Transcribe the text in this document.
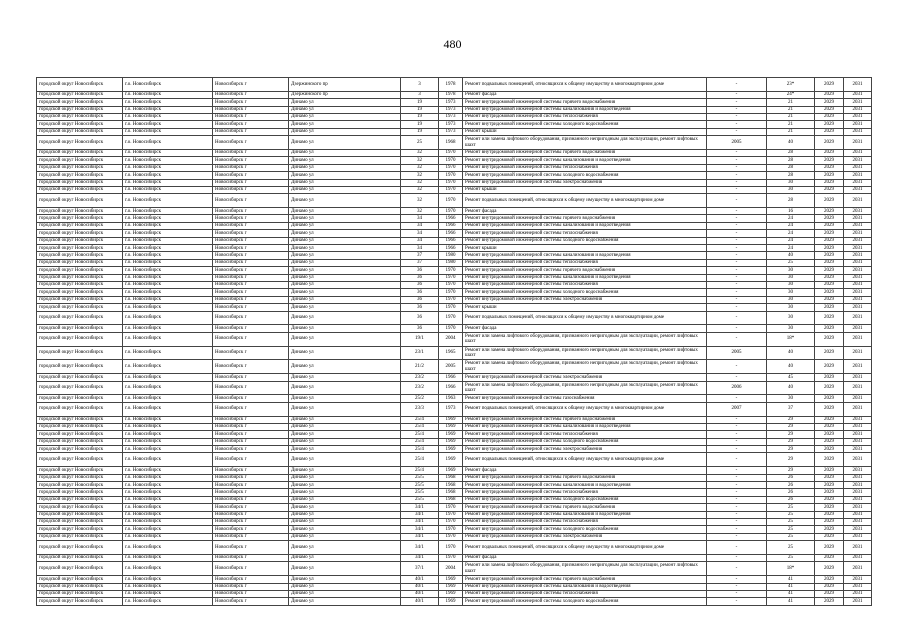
480
городской округ Новосибирск	г.о. Новосибирск	Новосибирск г	Дзержинского пр	3	1978	Ремонт подвальных помещений, относящихся к общему имуществу в многоквартирном доме	-	23*	2029	2031
городской округ Новосибирск	г.о. Новосибирск	Новосибирск г	Дзержинского пр	3	1978	Ремонт фасада	-	24*	2029	2031
городской округ Новосибирск	г.о. Новосибирск	Новосибирск г	Динамо ул	19	1973	Ремонт внутридомовой инженерной системы горячего водоснабжения	-	21	2029	2031
городской округ Новосибирск	г.о. Новосибирск	Новосибирск г	Динамо ул	19	1973	Ремонт внутридомовой инженерной системы канализования и водоотведения	-	21	2029	2031
городской округ Новосибирск	г.о. Новосибирск	Новосибирск г	Динамо ул	19	1973	Ремонт внутридомовой инженерной системы теплоснабжения	-	21	2029	2031
городской округ Новосибирск	г.о. Новосибирск	Новосибирск г	Динамо ул	19	1973	Ремонт внутридомовой инженерной системы холодного водоснабжения	-	21	2029	2031
городской округ Новосибирск	г.о. Новосибирск	Новосибирск г	Динамо ул	19	1973	Ремонт крыши	-	21	2029	2031
городской округ Новосибирск	г.о. Новосибирск	Новосибирск г	Динамо ул	25	1968	Ремонт или замена лифтового оборудования, признанного непригодным для эксплуатации, ремонт лифтовых шахт	2005	40	2029	2031
городской округ Новосибирск	г.о. Новосибирск	Новосибирск г	Динамо ул	32	1970	Ремонт внутридомовой инженерной системы горячего водоснабжения	-	28	2029	2031
городской округ Новосибирск	г.о. Новосибирск	Новосибирск г	Динамо ул	32	1970	Ремонт внутридомовой инженерной системы канализования и водоотведения	-	28	2029	2031
городской округ Новосибирск	г.о. Новосибирск	Новосибирск г	Динамо ул	32	1970	Ремонт внутридомовой инженерной системы теплоснабжения	-	28	2029	2031
городской округ Новосибирск	г.о. Новосибирск	Новосибирск г	Динамо ул	32	1970	Ремонт внутридомовой инженерной системы холодного водоснабжения	-	28	2029	2031
городской округ Новосибирск	г.о. Новосибирск	Новосибирск г	Динамо ул	32	1970	Ремонт внутридомовой инженерной системы электроснабжения	-	30	2029	2031
городской округ Новосибирск	г.о. Новосибирск	Новосибирск г	Динамо ул	32	1970	Ремонт крыши	-	30	2029	2031
городской округ Новосибирск	г.о. Новосибирск	Новосибирск г	Динамо ул	32	1970	Ремонт подвальных помещений, относящихся к общему имуществу в многоквартирном доме	-	28	2029	2031
городской округ Новосибирск	г.о. Новосибирск	Новосибирск г	Динамо ул	32	1970	Ремонт фасада	-	16	2029	2031
городской округ Новосибирск	г.о. Новосибирск	Новосибирск г	Динамо ул	34	1966	Ремонт внутридомовой инженерной системы горячего водоснабжения	-	24	2029	2031
городской округ Новосибирск	г.о. Новосибирск	Новосибирск г	Динамо ул	34	1966	Ремонт внутридомовой инженерной системы канализования и водоотведения	-	24	2029	2031
городской округ Новосибирск	г.о. Новосибирск	Новосибирск г	Динамо ул	34	1966	Ремонт внутридомовой инженерной системы теплоснабжения	-	24	2029	2031
городской округ Новосибирск	г.о. Новосибирск	Новосибирск г	Динамо ул	34	1966	Ремонт внутридомовой инженерной системы холодного водоснабжения	-	24	2029	2031
городской округ Новосибирск	г.о. Новосибирск	Новосибирск г	Динамо ул	34	1966	Ремонт крыши	-	24	2029	2031
городской округ Новосибирск	г.о. Новосибирск	Новосибирск г	Динамо ул	37	1980	Ремонт внутридомовой инженерной системы канализования и водоотведения	-	40	2029	2031
городской округ Новосибирск	г.о. Новосибирск	Новосибирск г	Динамо ул	37	1980	Ремонт внутридомовой инженерной системы теплоснабжения	-	25	2029	2031
городской округ Новосибирск	г.о. Новосибирск	Новосибирск г	Динамо ул	36	1970	Ремонт внутридомовой инженерной системы горячего водоснабжения	-	30	2029	2031
городской округ Новосибирск	г.о. Новосибирск	Новосибирск г	Динамо ул	36	1970	Ремонт внутридомовой инженерной системы канализования и водоотведения	-	30	2029	2031
городской округ Новосибирск	г.о. Новосибирск	Новосибирск г	Динамо ул	36	1970	Ремонт внутридомовой инженерной системы теплоснабжения	-	30	2029	2031
городской округ Новосибирск	г.о. Новосибирск	Новосибирск г	Динамо ул	36	1970	Ремонт внутридомовой инженерной системы холодного водоснабжения	-	30	2029	2031
городской округ Новосибирск	г.о. Новосибирск	Новосибирск г	Динамо ул	36	1970	Ремонт внутридомовой инженерной системы электроснабжения	-	30	2029	2031
городской округ Новосибирск	г.о. Новосибирск	Новосибирск г	Динамо ул	36	1970	Ремонт крыши	-	30	2029	2031
городской округ Новосибирск	г.о. Новосибирск	Новосибирск г	Динамо ул	36	1970	Ремонт подвальных помещений, относящихся к общему имуществу в многоквартирном доме	-	30	2029	2031
городской округ Новосибирск	г.о. Новосибирск	Новосибирск г	Динамо ул	36	1970	Ремонт фасада	-	30	2029	2031
городской округ Новосибирск	г.о. Новосибирск	Новосибирск г	Динамо ул	19/1	2004	Ремонт или замена лифтового оборудования, признанного непригодным для эксплуатации, ремонт лифтовых шахт	-	18*	2029	2031
городской округ Новосибирск	г.о. Новосибирск	Новосибирск г	Динамо ул	23/1	1965	Ремонт или замена лифтового оборудования, признанного непригодным для эксплуатации, ремонт лифтовых шахт	2005	40	2029	2031
городской округ Новосибирск	г.о. Новосибирск	Новосибирск г	Динамо ул	21/2	2005	Ремонт или замена лифтового оборудования, признанного непригодным для эксплуатации, ремонт лифтовых шахт	-	40	2029	2031
городской округ Новосибирск	г.о. Новосибирск	Новосибирск г	Динамо ул	23/2	1966	Ремонт внутридомовой инженерной системы электроснабжения	-	45	2029	2031
городской округ Новосибирск	г.о. Новосибирск	Новосибирск г	Динамо ул	23/2	1966	Ремонт или замена лифтового оборудования, признанного непригодным для эксплуатации, ремонт лифтовых шахт	2006	40	2029	2031
городской округ Новосибирск	г.о. Новосибирск	Новосибирск г	Динамо ул	25/2	1963	Ремонт внутридомовой инженерной системы газоснабжения	-	30	2029	2031
городской округ Новосибирск	г.о. Новосибирск	Новосибирск г	Динамо ул	23/3	1973	Ремонт подвальных помещений, относящихся к общему имуществу в многоквартирном доме	2007	37	2029	2031
городской округ Новосибирск	г.о. Новосибирск	Новосибирск г	Динамо ул	25/4	1969	Ремонт внутридомовой инженерной системы горячего водоснабжения	-	29	2029	2031
городской округ Новосибирск	г.о. Новосибирск	Новосибирск г	Динамо ул	25/4	1969	Ремонт внутридомовой инженерной системы канализования и водоотведения	-	29	2029	2031
городской округ Новосибирск	г.о. Новосибирск	Новосибирск г	Динамо ул	25/4	1969	Ремонт внутридомовой инженерной системы теплоснабжения	-	29	2029	2031
городской округ Новосибирск	г.о. Новосибирск	Новосибирск г	Динамо ул	25/4	1969	Ремонт внутридомовой инженерной системы холодного водоснабжения	-	29	2029	2031
городской округ Новосибирск	г.о. Новосибирск	Новосибирск г	Динамо ул	25/4	1969	Ремонт внутридомовой инженерной системы электроснабжения	-	29	2029	2031
городской округ Новосибирск	г.о. Новосибирск	Новосибирск г	Динамо ул	25/4	1969	Ремонт подвальных помещений, относящихся к общему имуществу в многоквартирном доме	-	29	2029	2031
городской округ Новосибирск	г.о. Новосибирск	Новосибирск г	Динамо ул	25/4	1969	Ремонт фасада	-	29	2029	2031
городской округ Новосибирск	г.о. Новосибирск	Новосибирск г	Динамо ул	25/5	1968	Ремонт внутридомовой инженерной системы горячего водоснабжения	-	26	2029	2031
городской округ Новосибирск	г.о. Новосибирск	Новосибирск г	Динамо ул	25/5	1968	Ремонт внутридомовой инженерной системы канализования и водоотведения	-	26	2029	2031
городской округ Новосибирск	г.о. Новосибирск	Новосибирск г	Динамо ул	25/5	1968	Ремонт внутридомовой инженерной системы теплоснабжения	-	26	2029	2031
городской округ Новосибирск	г.о. Новосибирск	Новосибирск г	Динамо ул	25/5	1968	Ремонт внутридомовой инженерной системы холодного водоснабжения	-	26	2029	2031
городской округ Новосибирск	г.о. Новосибирск	Новосибирск г	Динамо ул	34/1	1970	Ремонт внутридомовой инженерной системы горячего водоснабжения	-	25	2029	2031
городской округ Новосибирск	г.о. Новосибирск	Новосибирск г	Динамо ул	34/1	1970	Ремонт внутридомовой инженерной системы канализования и водоотведения	-	25	2029	2031
городской округ Новосибирск	г.о. Новосибирск	Новосибирск г	Динамо ул	34/1	1970	Ремонт внутридомовой инженерной системы теплоснабжения	-	25	2029	2031
городской округ Новосибирск	г.о. Новосибирск	Новосибирск г	Динамо ул	34/1	1970	Ремонт внутридомовой инженерной системы холодного водоснабжения	-	25	2029	2031
городской округ Новосибирск	г.о. Новосибирск	Новосибирск г	Динамо ул	34/1	1970	Ремонт внутридомовой инженерной системы электроснабжения	-	25	2029	2031
городской округ Новосибирск	г.о. Новосибирск	Новосибирск г	Динамо ул	34/1	1970	Ремонт подвальных помещений, относящихся к общему имуществу в многоквартирном доме	-	25	2029	2031
городской округ Новосибирск	г.о. Новосибирск	Новосибирск г	Динамо ул	34/1	1970	Ремонт фасада	-	25	2029	2031
городской округ Новосибирск	г.о. Новосибирск	Новосибирск г	Динамо ул	37/1	2004	Ремонт или замена лифтового оборудования, признанного непригодным для эксплуатации, ремонт лифтовых шахт	-	18*	2029	2031
городской округ Новосибирск	г.о. Новосибирск	Новосибирск г	Динамо ул	40/1	1969	Ремонт внутридомовой инженерной системы горячего водоснабжения	-	41	2029	2031
городской округ Новосибирск	г.о. Новосибирск	Новосибирск г	Динамо ул	40/1	1969	Ремонт внутридомовой инженерной системы канализования и водоотведения	-	41	2029	2031
городской округ Новосибирск	г.о. Новосибирск	Новосибирск г	Динамо ул	40/1	1969	Ремонт внутридомовой инженерной системы теплоснабжения	-	41	2029	2031
городской округ Новосибирск	г.о. Новосибирск	Новосибирск г	Динамо ул	40/1	1969	Ремонт внутридомовой инженерной системы холодного водоснабжения	-	41	2029	2031
